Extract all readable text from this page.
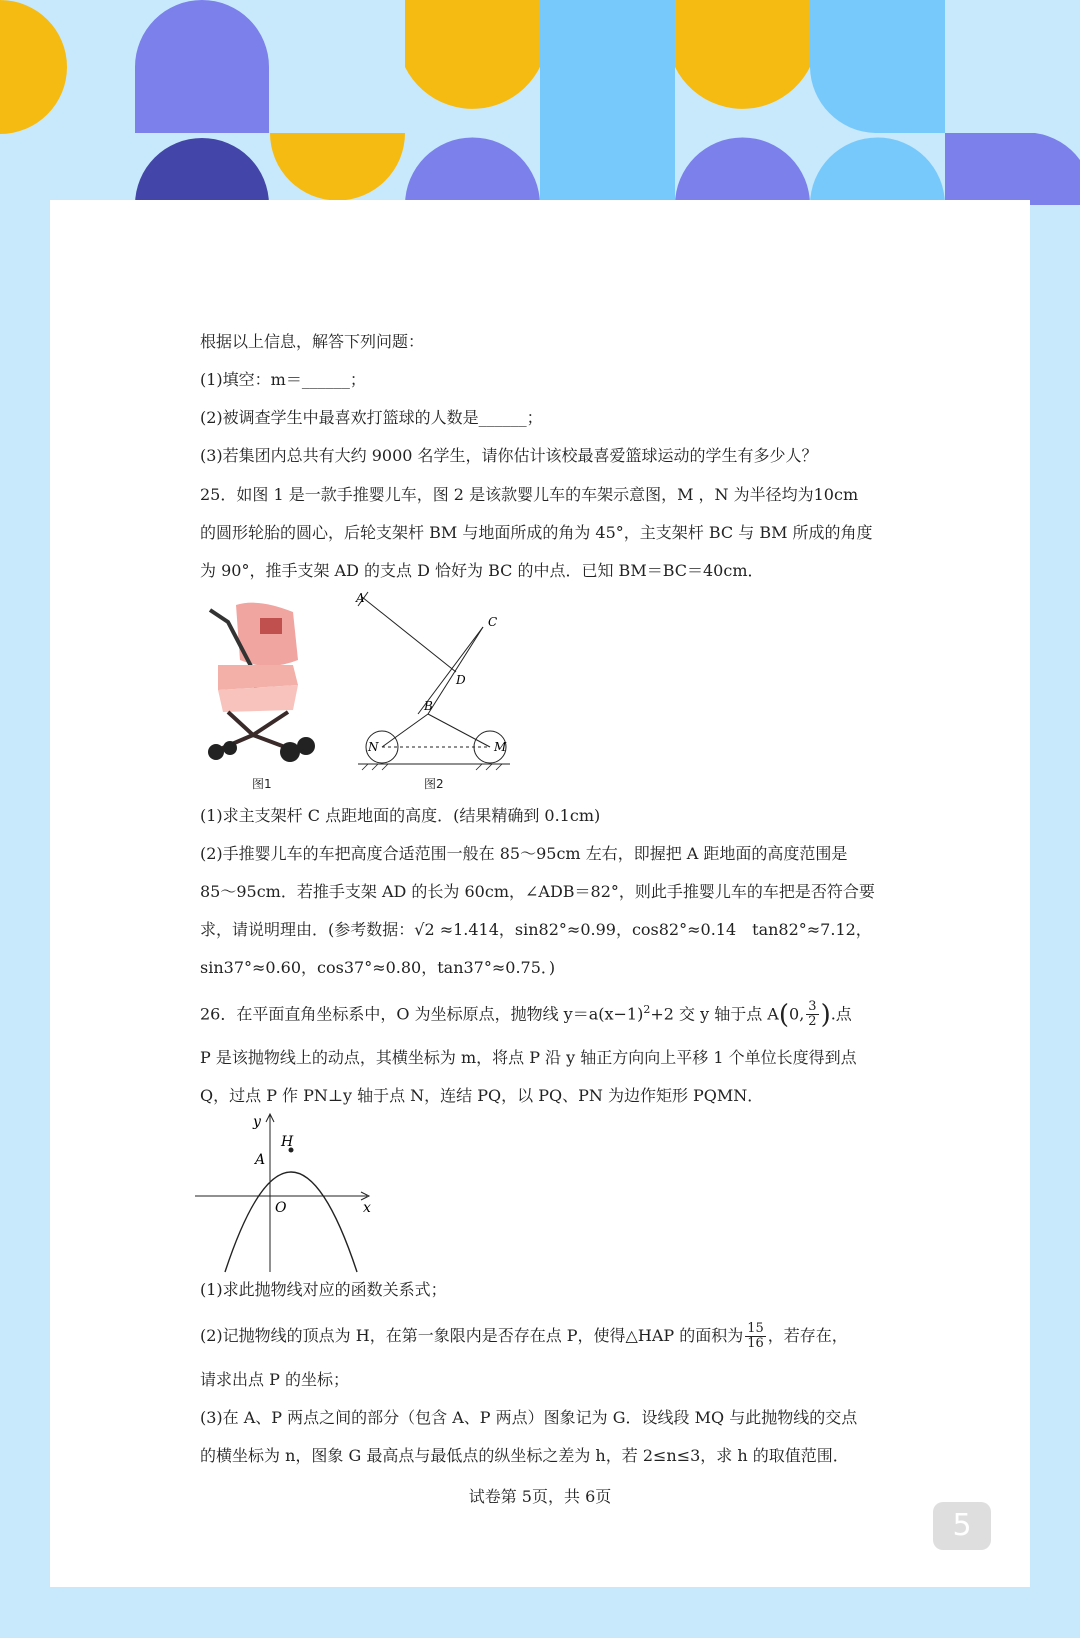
根据以上信息，解答下列问题：
(1)填空：m＝______；
(2)被调查学生中最喜欢打篮球的人数是______；
(3)若集团内总共有大约 9000 名学生，请你估计该校最喜爱篮球运动的学生有多少人？
25．如图 1 是一款手推婴儿车，图 2 是该款婴儿车的车架示意图，M ，N 为半径均为10cm
的圆形轮胎的圆心，后轮支架杆 BM 与地面所成的角为 45°，主支架杆 BC 与 BM 所成的角度
为 90°，推手支架 AD 的支点 D 恰好为 BC 的中点．已知 BM＝BC＝40cm．
A
C
D
B
N	M
图1	图2
(1)求主支架杆 C 点距地面的高度．(结果精确到 0.1cm)
(2)手推婴儿车的车把高度合适范围一般在 85～95cm 左右，即握把 A 距地面的高度范围是
85～95cm．若推手支架 AD 的长为 60cm，∠ADB＝82°，则此手推婴儿车的车把是否符合要
求，请说明理由．(参考数据：√2 ≈1.414，sin82°≈0.99，cos82°≈0.14　tan82°≈7.12，
sin37°≈0.60，cos37°≈0.80，tan37°≈0.75．)
26．在平面直角坐标系中，O 为坐标原点，抛物线 $y=a(x-1)^2+2$ 交 y 轴于点 A(0, $\frac{3}{2}$ ).点
P 是该抛物线上的动点，其横坐标为 m，将点 P 沿 y 轴正方向向上平移 1 个单位长度得到点
Q，过点 P 作 PN⊥y 轴于点 N，连结 PQ，以 PQ、PN 为边作矩形 PQMN．
y
x
H
A
O
(1)求此抛物线对应的函数关系式；
(2)记抛物线的顶点为 H，在第一象限内是否存在点 P，使得△HAP 的面积为 $\frac{15}{16}$ ，若存在，
请求出点 P 的坐标；
(3)在 A、P 两点之间的部分（包含 A、P 两点）图象记为 G．设线段 MQ 与此抛物线的交点
的横坐标为 n，图象 G 最高点与最低点的纵坐标之差为 h，若 2≤n≤3，求 h 的取值范围．
试卷第 5页，共 6页
5
